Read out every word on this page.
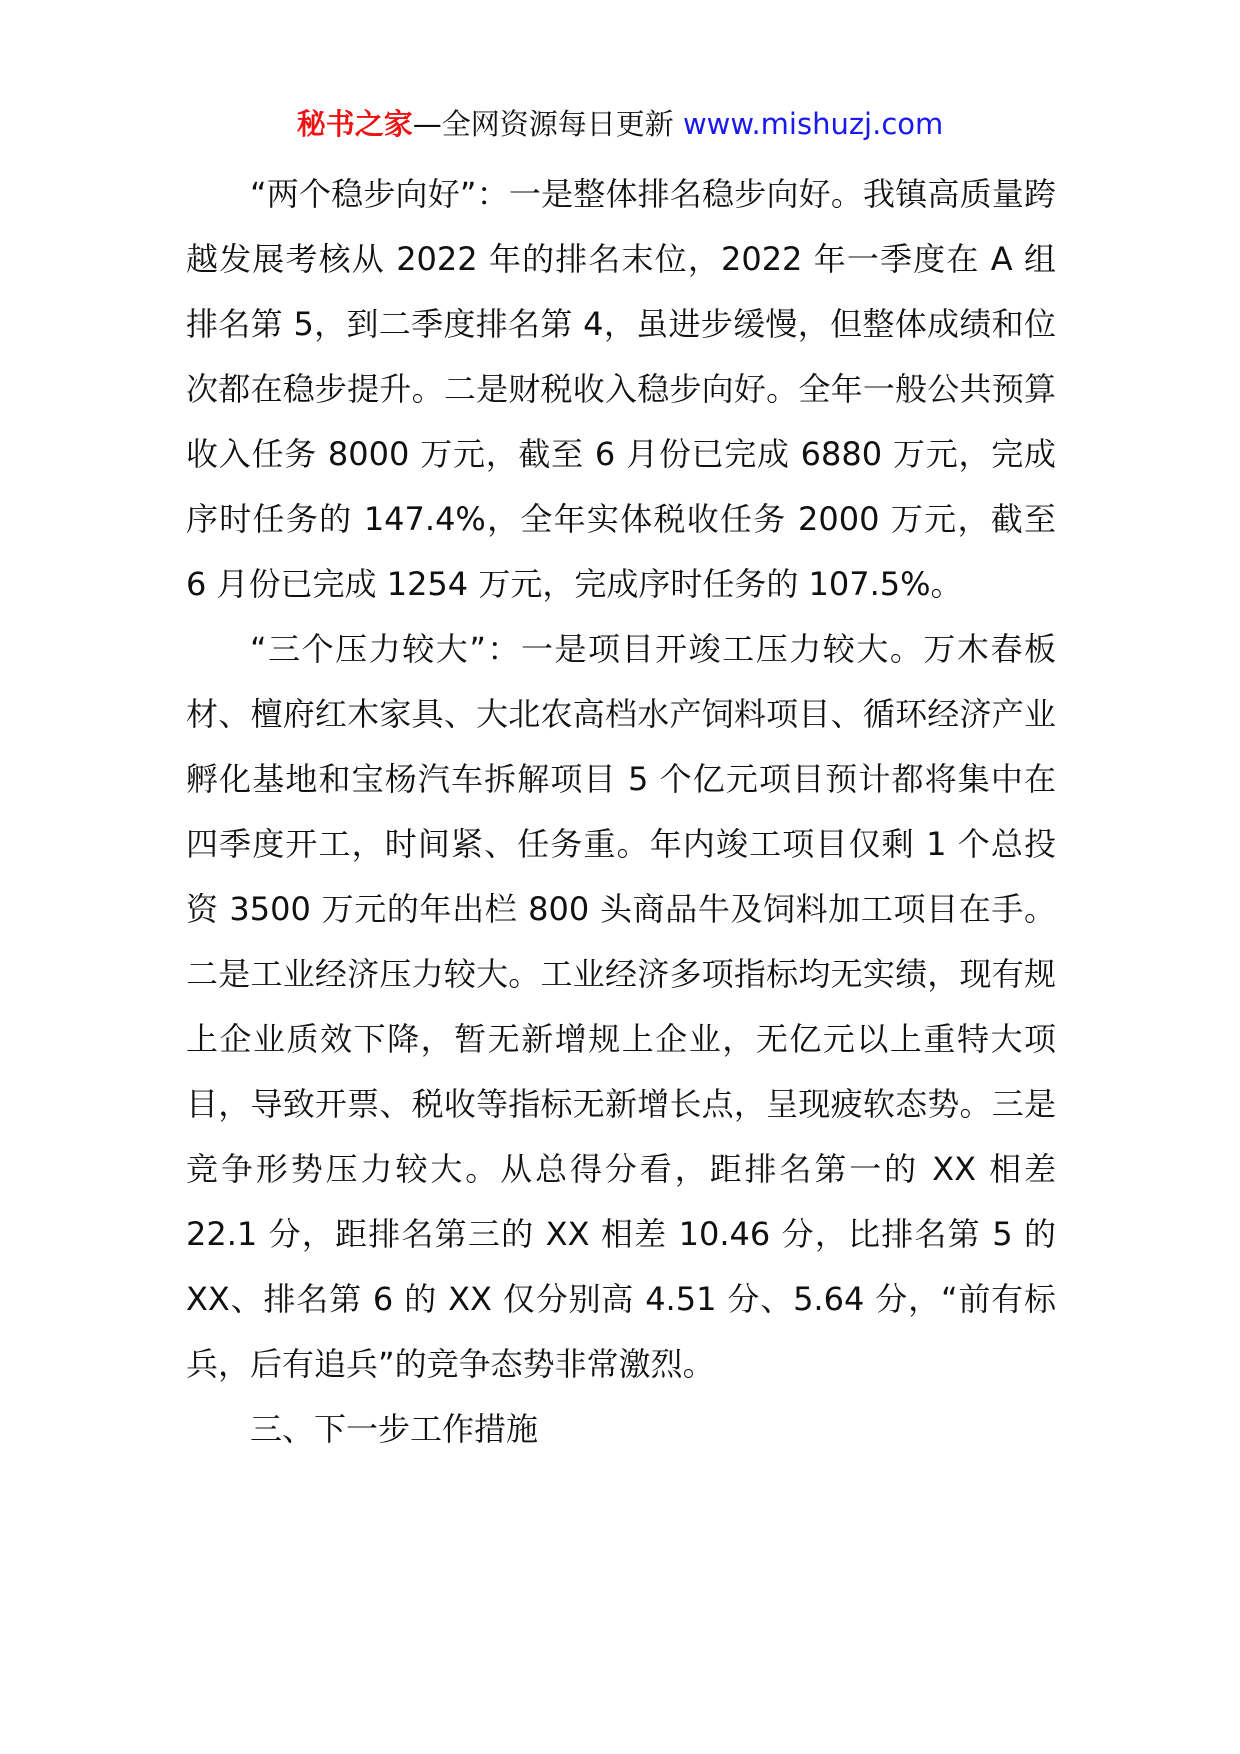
秘书之家—全网资源每日更新 www.mishuzj.com

“两个稳步向好”：一是整体排名稳步向好。我镇高质量跨越发展考核从 2022 年的排名末位，2022 年一季度在 A 组排名第 5，到二季度排名第 4，虽进步缓慢，但整体成绩和位次都在稳步提升。二是财税收入稳步向好。全年一般公共预算收入任务 8000 万元，截至 6 月份已完成 6880 万元，完成序时任务的 147.4%，全年实体税收任务 2000 万元，截至 6 月份已完成 1254 万元，完成序时任务的 107.5%。

“三个压力较大”：一是项目开竣工压力较大。万木春板材、檀府红木家具、大北农高档水产饲料项目、循环经济产业孵化基地和宝杨汽车拆解项目 5 个亿元项目预计都将集中在四季度开工，时间紧、任务重。年内竣工项目仅剩 1 个总投资 3500 万元的年出栏 800 头商品牛及饲料加工项目在手。二是工业经济压力较大。工业经济多项指标均无实绩，现有规上企业质效下降，暂无新增规上企业，无亿元以上重特大项目，导致开票、税收等指标无新增长点，呈现疲软态势。三是竞争形势压力较大。从总得分看，距排名第一的 XX 相差 22.1 分，距排名第三的 XX 相差 10.46 分，比排名第 5 的 XX、排名第 6 的 XX 仅分别高 4.51 分、5.64 分，“前有标兵，后有追兵”的竞争态势非常激烈。

三、下一步工作措施
